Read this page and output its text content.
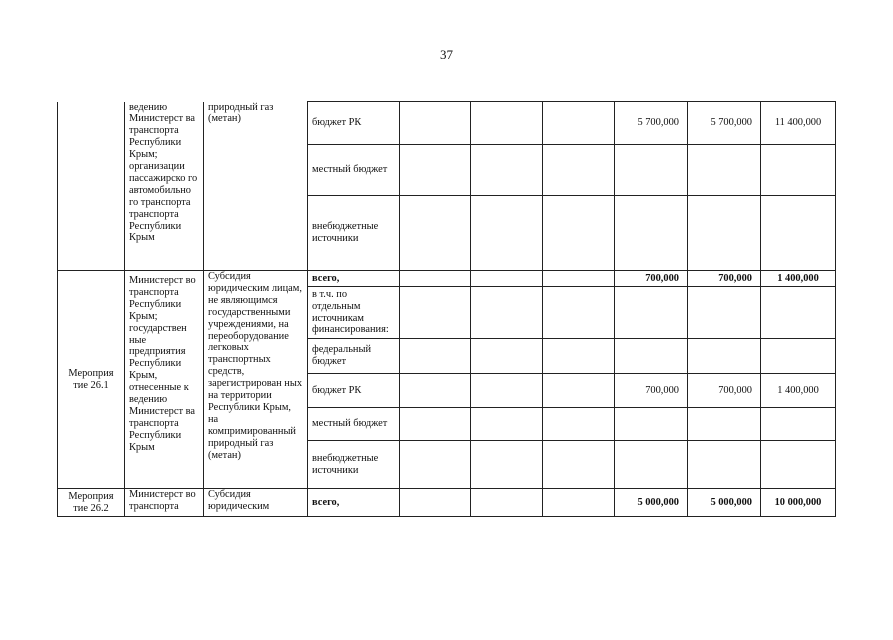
37
	ведению Министерст ва транспорта Республики Крым; организации пассажирско го автомобильно го транспорта транспорта Республики Крым	природный газ (метан)	бюджет РК				5 700,000	5 700,000	11 400,000
			местный бюджет						
			внебюджетные источники						
Мероприя тие 26.1	Министерст во транспорта Республики Крым; государствен ные предприятия Республики Крым, отнесенные к ведению Министерст ва транспорта Республики Крым	Субсидия юридическим лицам, не являющимся государственными учреждениями, на переоборудование легковых транспортных средств, зарегистрирован ных на территории Республики Крым, на компримированный природный газ (метан)	всего,				700,000	700,000	1 400,000
			в т.ч. по отдельным источникам финансирования:						
			федеральный бюджет						
			бюджет РК				700,000	700,000	1 400,000
			местный бюджет						
			внебюджетные источники						
Мероприя тие 26.2	Министерст во транспорта	Субсидия юридическим	всего,				5 000,000	5 000,000	10 000,000
